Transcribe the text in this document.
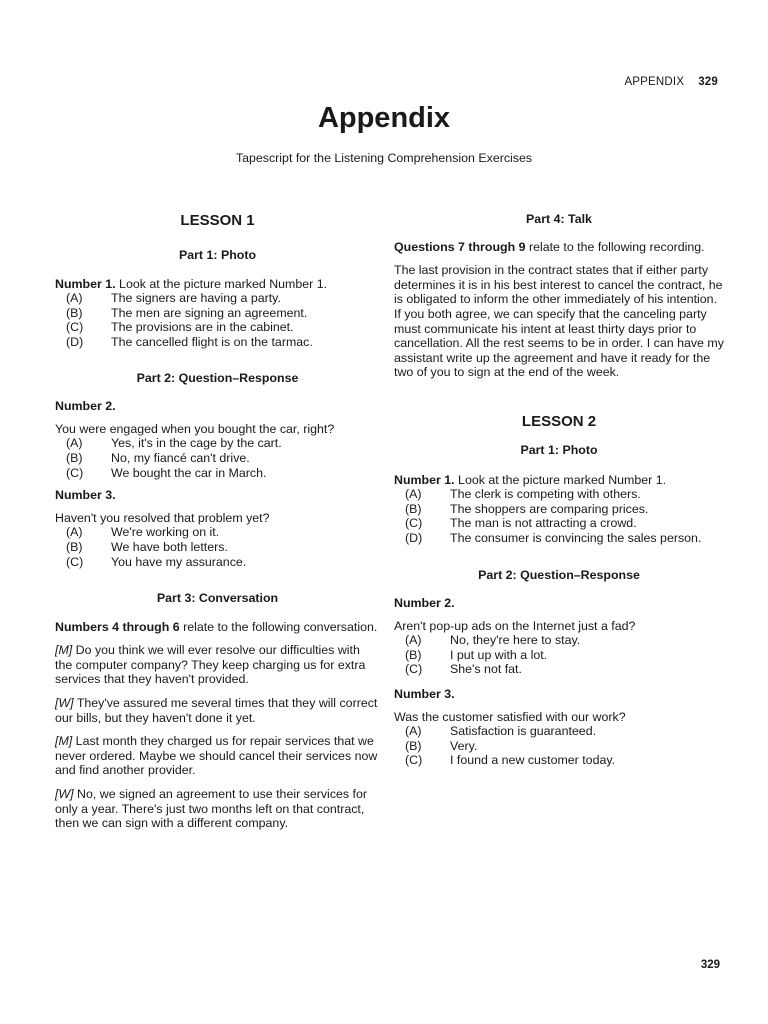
APPENDIX 329
Appendix
Tapescript for the Listening Comprehension Exercises
LESSON 1
Part 1: Photo

Number 1. Look at the picture marked Number 1.

(A)	The signers are having a party.
(B)	The men are signing an agreement.
(C)	The provisions are in the cabinet.
(D)	The cancelled flight is on the tarmac.
Part 2: Question–Response

Number 2.

You were engaged when you bought the car, right?

(A)	Yes, it's in the cage by the cart.
(B)	No, my fiancé can't drive.
(C)	We bought the car in March.

Number 3.

Haven't you resolved that problem yet?

(A)	We're working on it.
(B)	We have both letters.
(C)	You have my assurance.
Part 3: Conversation

Numbers 4 through 6 relate to the following conversation.

[M] Do you think we will ever resolve our difficulties with the computer company? They keep charging us for extra services that they haven't provided.

[W] They've assured me several times that they will correct our bills, but they haven't done it yet.

[M] Last month they charged us for repair services that we never ordered. Maybe we should cancel their services now and find another provider.

[W] No, we signed an agreement to use their services for only a year. There's just two months left on that contract, then we can sign with a different company.

Part 4: Talk

Questions 7 through 9 relate to the following recording.

The last provision in the contract states that if either party determines it is in his best interest to cancel the contract, he is obligated to inform the other immediately of his intention. If you both agree, we can specify that the canceling party must communicate his intent at least thirty days prior to cancellation. All the rest seems to be in order. I can have my assistant write up the agreement and have it ready for the two of you to sign at the end of the week.

LESSON 2
Part 1: Photo

Number 1. Look at the picture marked Number 1.

(A)	The clerk is competing with others.
(B)	The shoppers are comparing prices.
(C)	The man is not attracting a crowd.
(D)	The consumer is convincing the sales person.
Part 2: Question–Response

Number 2.

Aren't pop-up ads on the Internet just a fad?

(A)	No, they're here to stay.
(B)	I put up with a lot.
(C)	She's not fat.

Number 3.

Was the customer satisfied with our work?

(A)	Satisfaction is guaranteed.
(B)	Very.
(C)	I found a new customer today.
329
